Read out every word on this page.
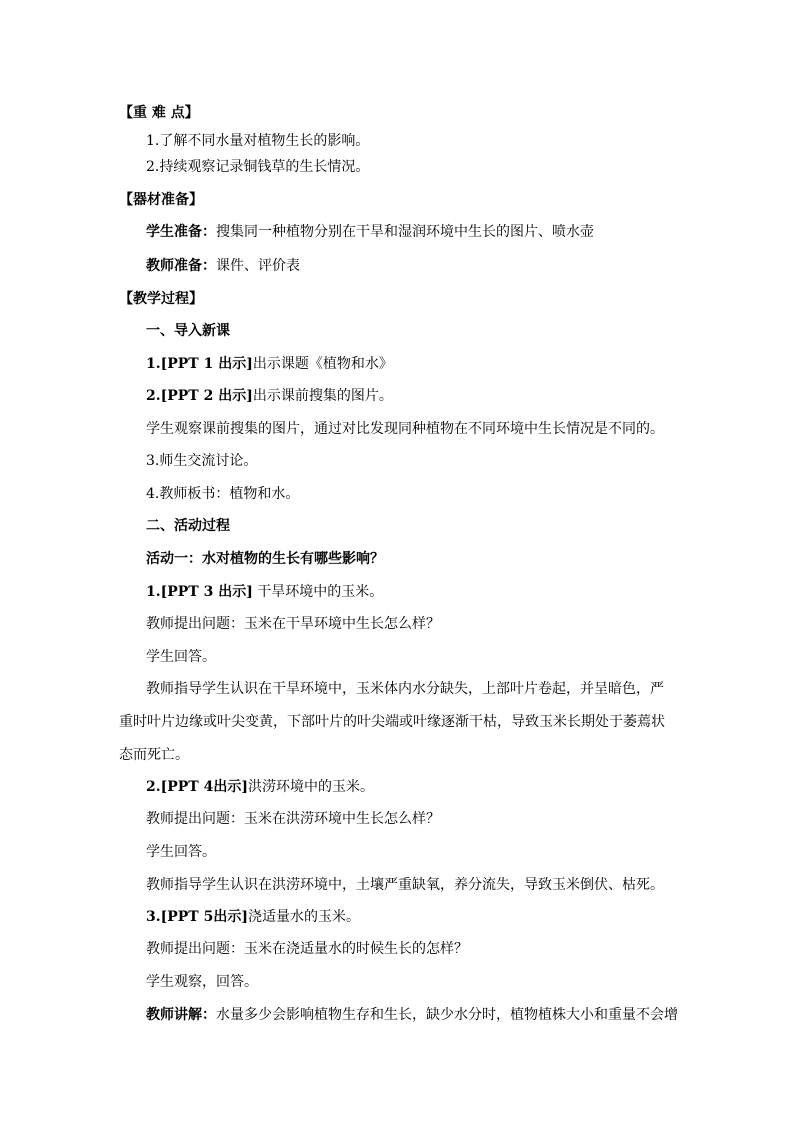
【重 难 点】
1.了解不同水量对植物生长的影响。
2.持续观察记录铜钱草的生长情况。
【器材准备】
学生准备：搜集同一种植物分别在干旱和湿润环境中生长的图片、喷水壶
教师准备：课件、评价表
【教学过程】
一、导入新课
1.[PPT 1 出示]出示课题《植物和水》
2.[PPT 2 出示]出示课前搜集的图片。
学生观察课前搜集的图片，通过对比发现同种植物在不同环境中生长情况是不同的。
3.师生交流讨论。
4.教师板书：植物和水。
二、活动过程
活动一：水对植物的生长有哪些影响？
1.[PPT 3 出示] 干旱环境中的玉米。
教师提出问题：玉米在干旱环境中生长怎么样？
学生回答。
教师指导学生认识在干旱环境中，玉米体内水分缺失，上部叶片卷起，并呈暗色，严重时叶片边缘或叶尖变黄，下部叶片的叶尖端或叶缘逐渐干枯，导致玉米长期处于萎蔫状态而死亡。
2.[PPT 4出示]洪涝环境中的玉米。
教师提出问题：玉米在洪涝环境中生长怎么样？
学生回答。
教师指导学生认识在洪涝环境中，土壤严重缺氧，养分流失，导致玉米倒伏、枯死。
3.[PPT 5出示]浇适量水的玉米。
教师提出问题：玉米在浇适量水的时候生长的怎样？
学生观察，回答。
教师讲解：水量多少会影响植物生存和生长，缺少水分时，植物植株大小和重量不会增
